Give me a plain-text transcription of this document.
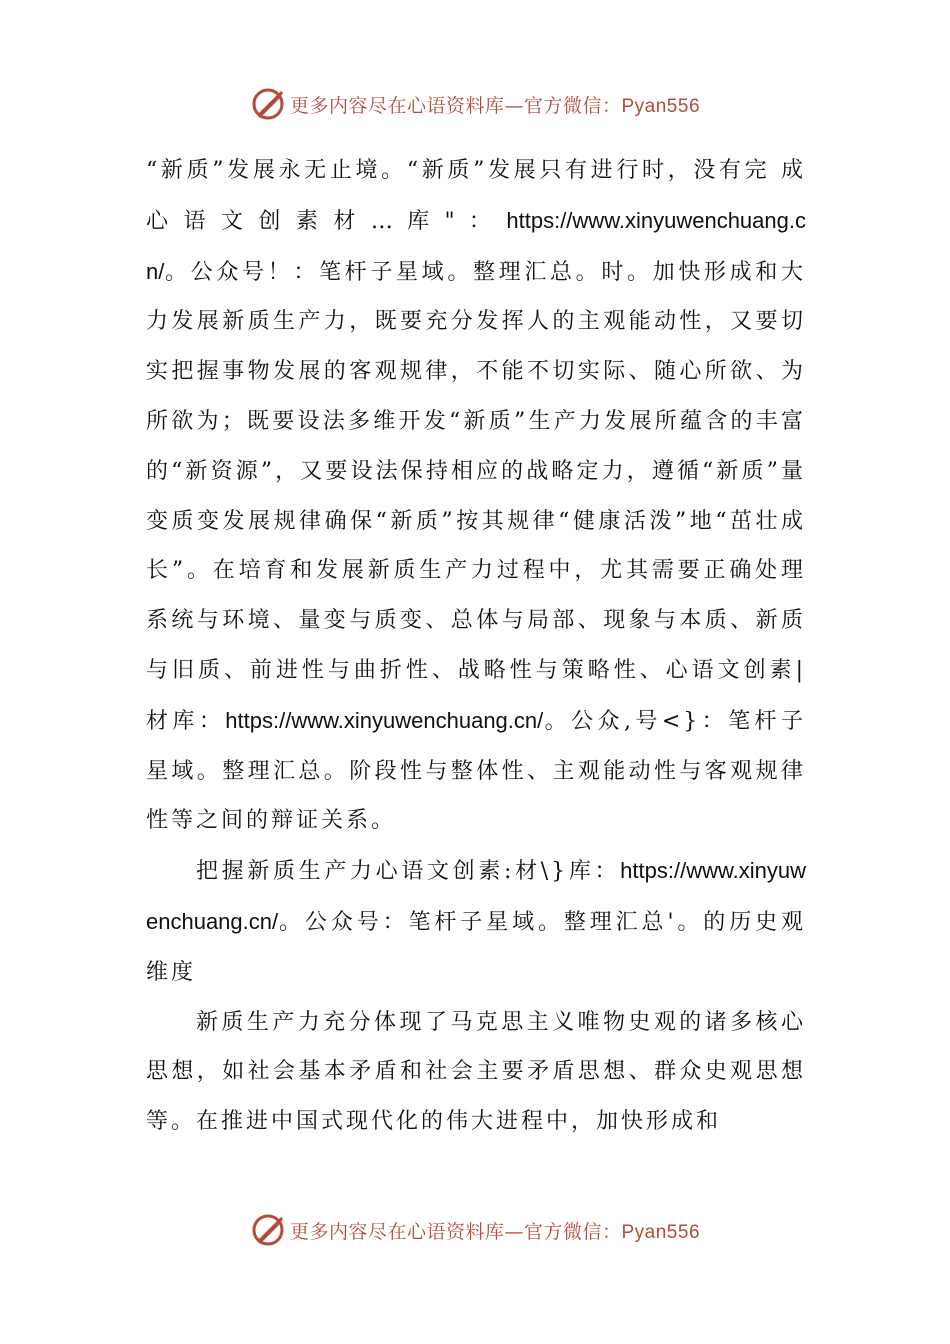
更多内容尽在心语资料库—官方微信：Pyan556

“新质”发展永无止境。“新质”发展只有进行时，没有完 成 心 语 文 创 素 材 … 库 " ： https://www.xinyuwenchuang.cn/。公众号！：笔杆子星域。整理汇总。时。加快形成和大力发展新质生产力，既要充分发挥人的主观能动性，又要切实把握事物发展的客观规律，不能不切实际、随心所欲、为所欲为；既要设法多维开发“新质”生产力发展所蕴含的丰富的“新资源”，又要设法保持相应的战略定力，遵循“新质”量变质变发展规律确保“新质”按其规律“健康活泼”地“茁壮成长”。在培育和发展新质生产力过程中，尤其需要正确处理系统与环境、量变与质变、总体与局部、现象与本质、新质与旧质、前进性与曲折性、战略性与策略性、心语文创素|材库：https://www.xinyuwenchuang.cn/。公众,号<}：笔杆子星域。整理汇总。阶段性与整体性、主观能动性与客观规律性等之间的辩证关系。

把握新质生产力心语文创素:材\}库：https://www.xinyuwenchuang.cn/。公众号：笔杆子星域。整理汇总'。的历史观维度

新质生产力充分体现了马克思主义唯物史观的诸多核心思想，如社会基本矛盾和社会主要矛盾思想、群众史观思想等。在推进中国式现代化的伟大进程中，加快形成和

更多内容尽在心语资料库—官方微信：Pyan556
